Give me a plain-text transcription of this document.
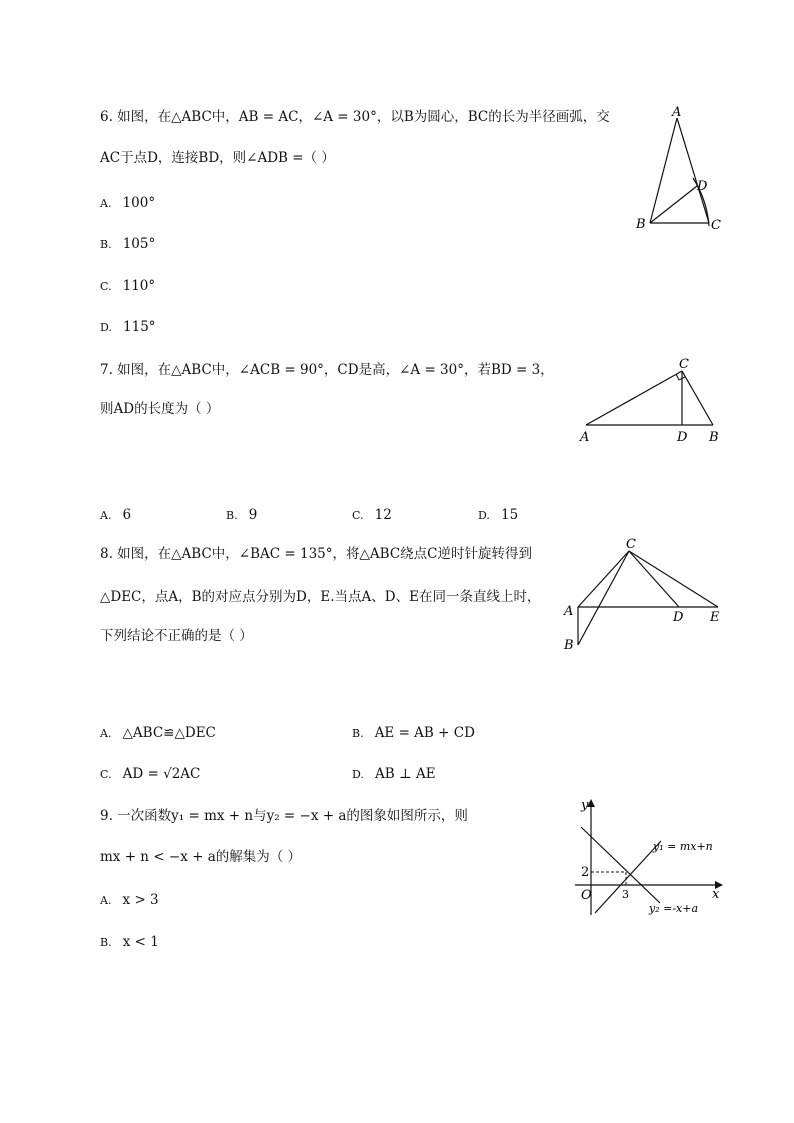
6. 如图，在△ABC中，AB = AC，∠A = 30°，以B为圆心，BC的长为半径画弧，交
AC于点D，连接BD，则∠ADB =（ ）
A. 100°
B. 105°
C. 110°
D. 115°
A
B	C
D
7. 如图，在△ABC中，∠ACB = 90°，CD是高，∠A = 30°，若BD = 3，
则AD的长度为（ ）
A. 6	B. 9	C. 12	D. 15
C
A	D B
8. 如图，在△ABC中，∠BAC = 135°，将△ABC绕点C逆时针旋转得到
△DEC，点A，B的对应点分别为D，E.当点A、D、E在同一条直线上时，
下列结论不正确的是（ ）
A. △ABC≌△DEC	B. AE = AB + CD
C. AD = √2AC	D. AB ⊥ AE
C
A
B
D E
9. 一次函数y₁ = mx + n与y₂ = −x + a的图象如图所示，则
mx + n < −x + a的解集为（ ）
A. x > 3
B. x < 1
y
x
O
2
3
y₁ = mx+n
y₂ =-x+a
